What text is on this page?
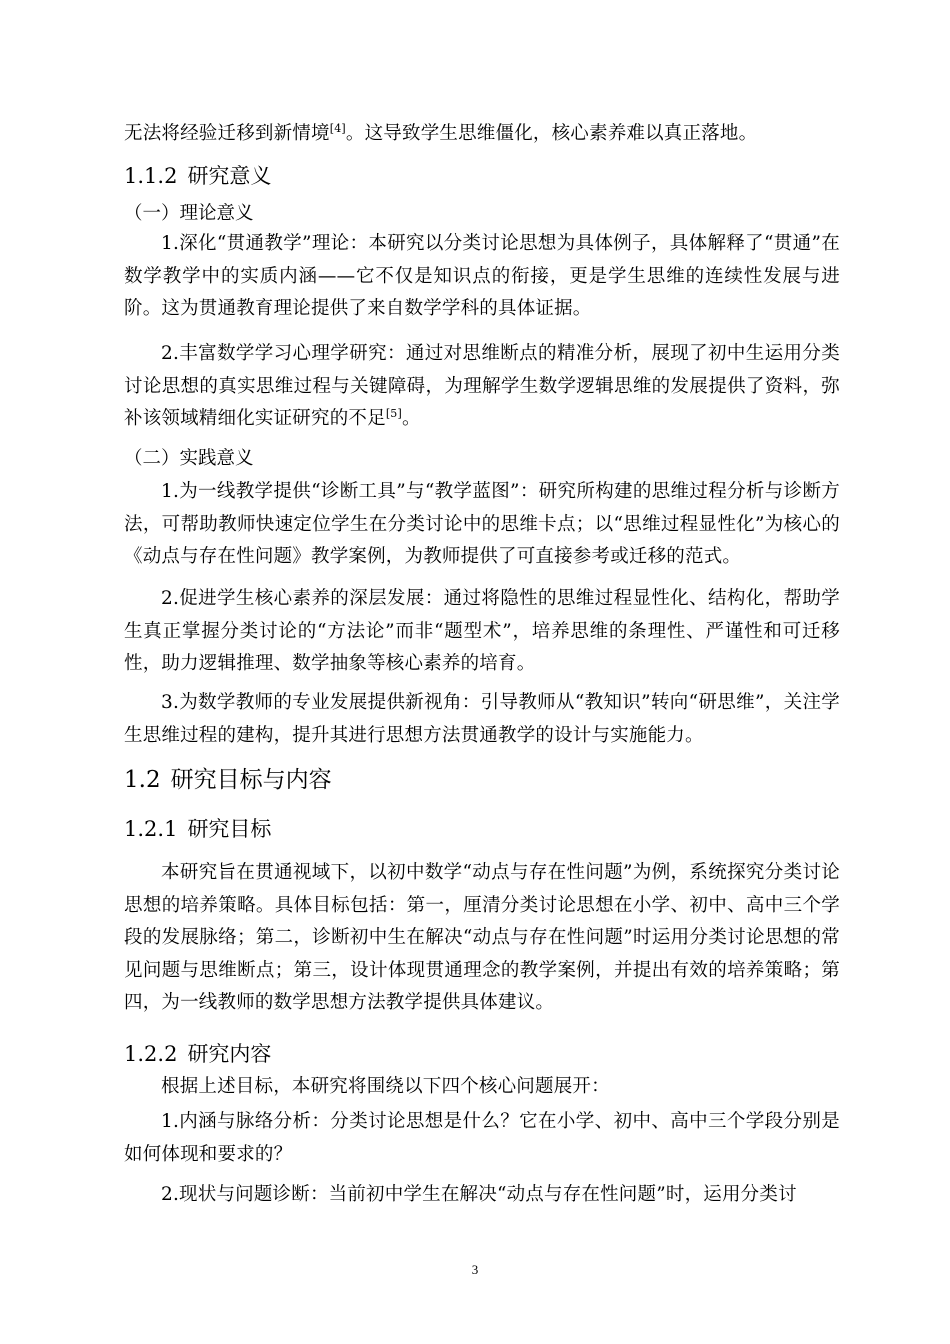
无法将经验迁移到新情境[4]。这导致学生思维僵化，核心素养难以真正落地。
1.1.2 研究意义
（一）理论意义
1.深化“贯通教学”理论：本研究以分类讨论思想为具体例子，具体解释了“贯通”在数学教学中的实质内涵——它不仅是知识点的衔接，更是学生思维的连续性发展与进阶。这为贯通教育理论提供了来自数学学科的具体证据。
2.丰富数学学习心理学研究：通过对思维断点的精准分析，展现了初中生运用分类讨论思想的真实思维过程与关键障碍，为理解学生数学逻辑思维的发展提供了资料，弥补该领域精细化实证研究的不足[5]。
（二）实践意义
1.为一线教学提供“诊断工具”与“教学蓝图”：研究所构建的思维过程分析与诊断方法，可帮助教师快速定位学生在分类讨论中的思维卡点；以“思维过程显性化”为核心的《动点与存在性问题》教学案例，为教师提供了可直接参考或迁移的范式。
2.促进学生核心素养的深层发展：通过将隐性的思维过程显性化、结构化，帮助学生真正掌握分类讨论的“方法论”而非“题型术”，培养思维的条理性、严谨性和可迁移性，助力逻辑推理、数学抽象等核心素养的培育。
3.为数学教师的专业发展提供新视角：引导教师从“教知识”转向“研思维”，关注学生思维过程的建构，提升其进行思想方法贯通教学的设计与实施能力。
1.2 研究目标与内容
1.2.1 研究目标
本研究旨在贯通视域下，以初中数学“动点与存在性问题”为例，系统探究分类讨论思想的培养策略。具体目标包括：第一，厘清分类讨论思想在小学、初中、高中三个学段的发展脉络；第二，诊断初中生在解决“动点与存在性问题”时运用分类讨论思想的常见问题与思维断点；第三，设计体现贯通理念的教学案例，并提出有效的培养策略；第四，为一线教师的数学思想方法教学提供具体建议。
1.2.2 研究内容
根据上述目标，本研究将围绕以下四个核心问题展开：
1.内涵与脉络分析：分类讨论思想是什么？它在小学、初中、高中三个学段分别是如何体现和要求的？
2.现状与问题诊断：当前初中学生在解决“动点与存在性问题”时，运用分类讨
3
